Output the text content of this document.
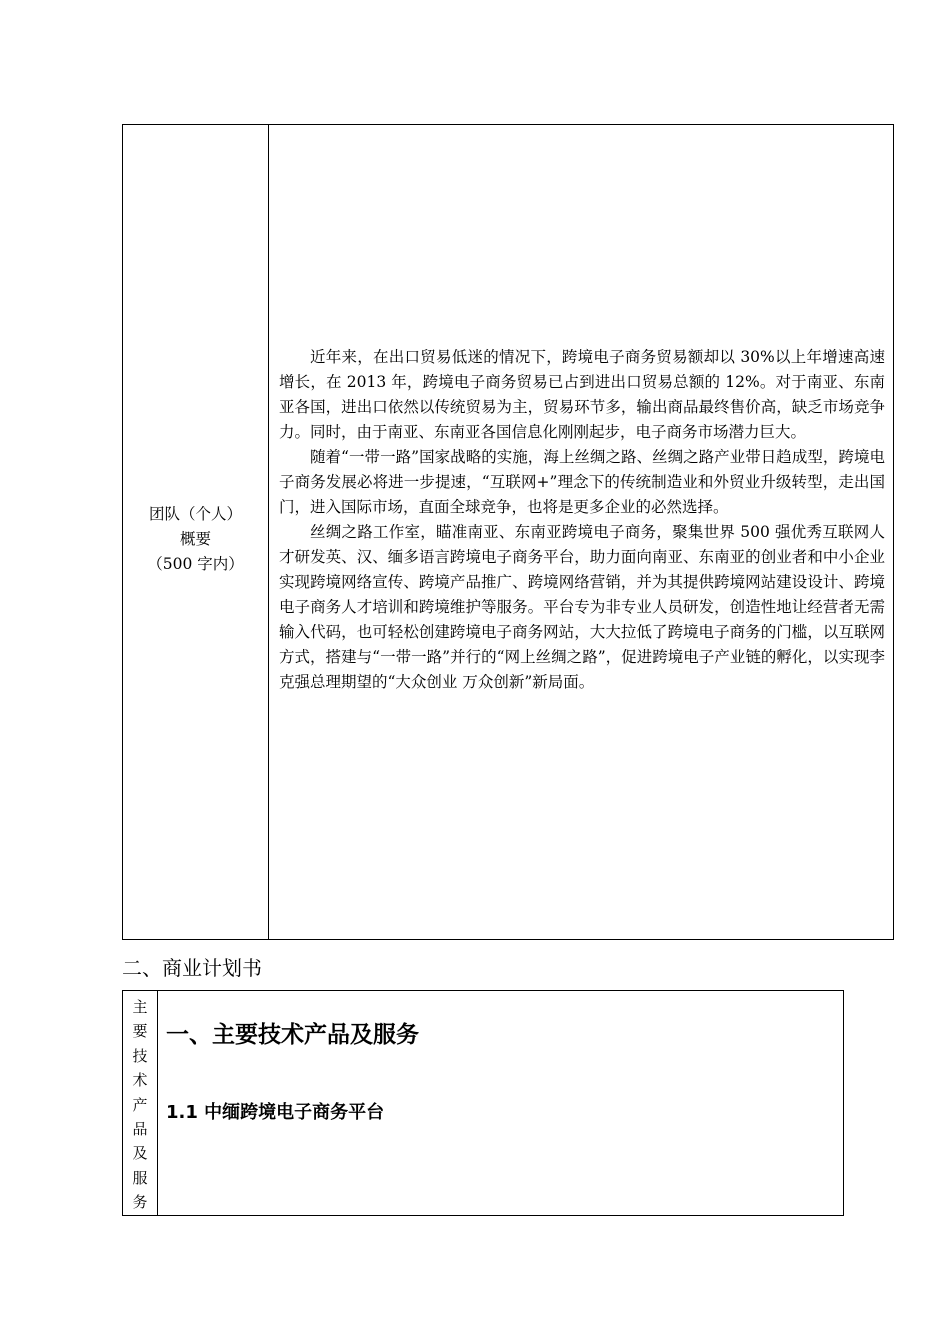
团队（个人）
概要
（500 字内）

近年来，在出口贸易低迷的情况下，跨境电子商务贸易额却以 30%以上年增速高速增长，在 2013 年，跨境电子商务贸易已占到进出口贸易总额的 12%。对于南亚、东南亚各国，进出口依然以传统贸易为主，贸易环节多，输出商品最终售价高，缺乏市场竞争力。同时，由于南亚、东南亚各国信息化刚刚起步，电子商务市场潜力巨大。

随着“一带一路”国家战略的实施，海上丝绸之路、丝绸之路产业带日趋成型，跨境电子商务发展必将进一步提速，“互联网+”理念下的传统制造业和外贸业升级转型，走出国门，进入国际市场，直面全球竞争，也将是更多企业的必然选择。

丝绸之路工作室，瞄准南亚、东南亚跨境电子商务，聚集世界 500 强优秀互联网人才研发英、汉、缅多语言跨境电子商务平台，助力面向南亚、东南亚的创业者和中小企业实现跨境网络宣传、跨境产品推广、跨境网络营销，并为其提供跨境网站建设设计、跨境电子商务人才培训和跨境维护等服务。平台专为非专业人员研发，创造性地让经营者无需输入代码，也可轻松创建跨境电子商务网站，大大拉低了跨境电子商务的门槛，以互联网方式，搭建与“一带一路”并行的“网上丝绸之路”，促进跨境电子产业链的孵化，以实现李克强总理期望的“大众创业 万众创新”新局面。

二、商业计划书
主
要
技
术
产
品
及
服
务
一、主要技术产品及服务
1.1 中缅跨境电子商务平台
